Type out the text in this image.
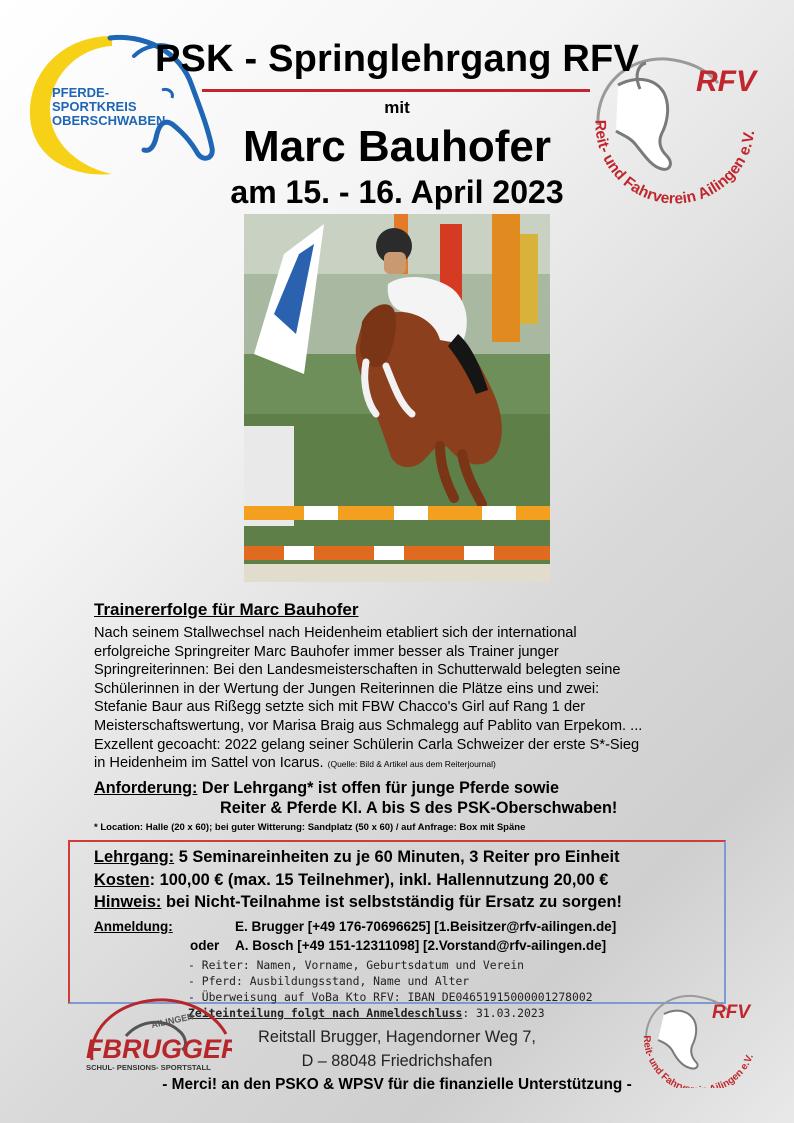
PFERDE-
SPORTKREIS
OBERSCHWABEN
RFV
Reit- und Fahrverein Ailingen e.V.
PSK - Springlehrgang RFV
mit
Marc Bauhofer
am 15. - 16. April 2023
Trainererfolge für Marc Bauhofer
Nach seinem Stallwechsel nach Heidenheim etabliert sich der international
erfolgreiche Springreiter Marc Bauhofer immer besser als Trainer junger
Springreiterinnen: Bei den Landesmeisterschaften in Schutterwald belegten seine
Schülerinnen in der Wertung der Jungen Reiterinnen die Plätze eins und zwei:
Stefanie Baur aus Rißegg setzte sich mit FBW Chacco's Girl auf Rang 1 der
Meisterschaftswertung, vor Marisa Braig aus Schmalegg auf Pablito van Erpekom. ...
Exzellent gecoacht: 2022 gelang seiner Schülerin Carla Schweizer der erste S*-Sieg
in Heidenheim im Sattel von Icarus. (Quelle: Bild & Artikel aus dem Reiterjournal)
Anforderung: Der Lehrgang* ist offen für junge Pferde sowie
Reiter & Pferde Kl. A bis S des PSK-Oberschwaben!
* Location: Halle (20 x 60); bei guter Witterung: Sandplatz (50 x 60) / auf Anfrage: Box mit Späne
Lehrgang: 5 Seminareinheiten zu je 60 Minuten, 3 Reiter pro Einheit
Kosten: 100,00 € (max. 15 Teilnehmer), inkl. Hallennutzung 20,00 €
Hinweis: bei Nicht-Teilnahme ist selbstständig für Ersatz zu sorgen!
Anmeldung:	E. Brugger [+49 176-70696625] [1.Beisitzer@rfv-ailingen.de]
oder A. Bosch [+49 151-12311098] [2.Vorstand@rfv-ailingen.de]
- Reiter: Namen, Vorname, Geburtsdatum und Verein
- Pferd: Ausbildungsstand, Name und Alter
- Überweisung auf VoBa Kto RFV: IBAN DE04651915000001278002
Zeiteinteilung folgt nach Anmeldeschluss: 31.03.2023
AILINGEN
FBRUGGER
SCHUL- PENSIONS- SPORTSTALL
RFV
Reit- und Fahrv ilingen e.V.
Reitstall Brugger, Hagendorner Weg 7,
D – 88048 Friedrichshafen
- Merci! an den PSKO & WPSV für die finanzielle Unterstützung -
